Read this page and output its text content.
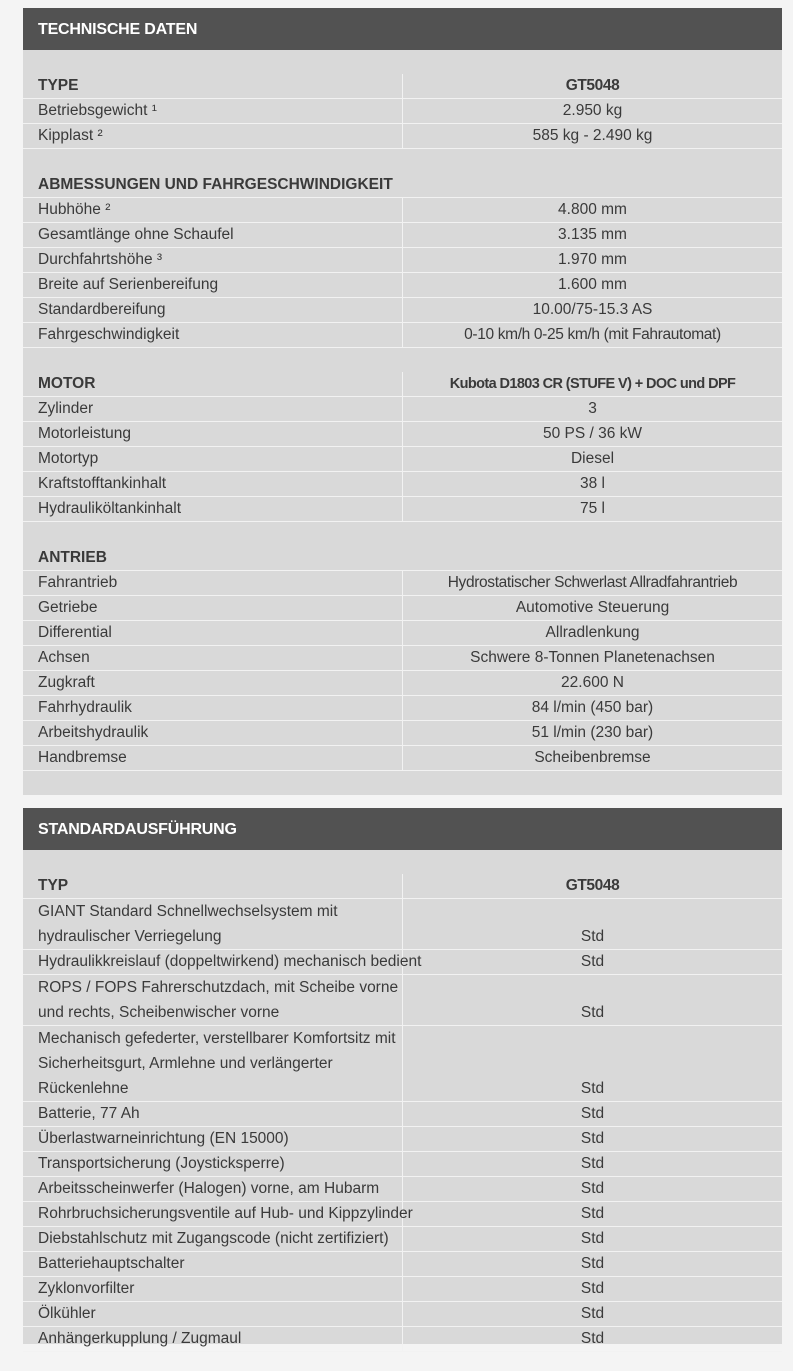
TECHNISCHE DATEN

TYPE	GT5048
Betriebsgewicht ¹	2.950 kg
Kipplast ²	585 kg - 2.490 kg

ABMESSUNGEN UND FAHRGESCHWINDIGKEIT	
Hubhöhe ²	4.800 mm
Gesamtlänge ohne Schaufel	3.135 mm
Durchfahrtshöhe ³	1.970 mm
Breite auf Serienbereifung	1.600 mm
Standardbereifung	10.00/75-15.3 AS
Fahrgeschwindigkeit	0-10 km/h 0-25 km/h (mit Fahrautomat)

MOTOR	Kubota D1803 CR (STUFE V) + DOC und DPF
Zylinder	3
Motorleistung	50 PS / 36 kW
Motortyp	Diesel
Kraftstofftankinhalt	38 l
Hydrauliköltankinhalt	75 l

ANTRIEB	
Fahrantrieb	Hydrostatischer Schwerlast Allradfahrantrieb
Getriebe	Automotive Steuerung
Differential	Allradlenkung
Achsen	Schwere 8-Tonnen Planetenachsen
Zugkraft	22.600 N
Fahrhydraulik	84 l/min (450 bar)
Arbeitshydraulik	51 l/min (230 bar)
Handbremse	Scheibenbremse
STANDARDAUSFÜHRUNG

TYP	GT5048
GIANT Standard Schnellwechselsystem mit hydraulischer Verriegelung	Std
Hydraulikkreislauf (doppeltwirkend) mechanisch bedient	Std
ROPS / FOPS Fahrerschutzdach, mit Scheibe vorne und rechts, Scheibenwischer vorne	Std
Mechanisch gefederter, verstellbarer Komfortsitz mit Sicherheitsgurt, Armlehne und verlängerter Rückenlehne	Std
Batterie, 77 Ah	Std
Überlastwarneinrichtung (EN 15000)	Std
Transportsicherung (Joysticksperre)	Std
Arbeitsscheinwerfer (Halogen) vorne, am Hubarm	Std
Rohrbruchsicherungsventile auf Hub- und Kippzylinder	Std
Diebstahlschutz mit Zugangscode (nicht zertifiziert)	Std
Batteriehauptschalter	Std
Zyklonvorfilter	Std
Ölkühler	Std
Anhängerkupplung / Zugmaul	Std
